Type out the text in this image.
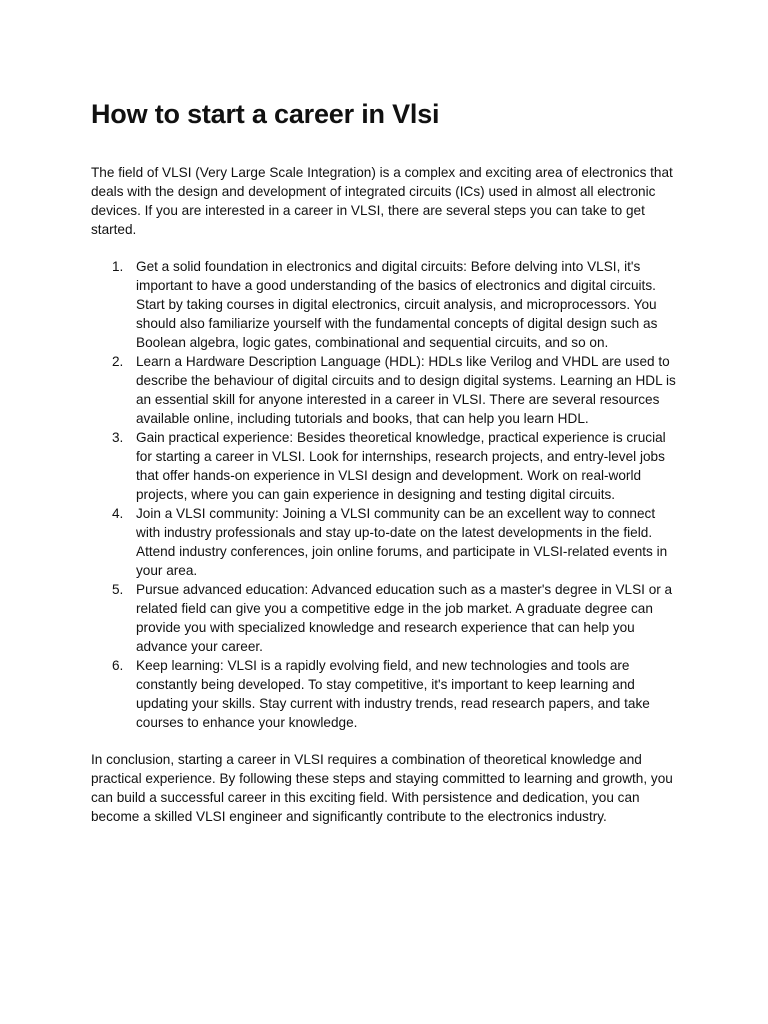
How to start a career in Vlsi

The field of VLSI (Very Large Scale Integration) is a complex and exciting area of electronics that deals with the design and development of integrated circuits (ICs) used in almost all electronic devices. If you are interested in a career in VLSI, there are several steps you can take to get started.

1. Get a solid foundation in electronics and digital circuits: Before delving into VLSI, it's important to have a good understanding of the basics of electronics and digital circuits. Start by taking courses in digital electronics, circuit analysis, and microprocessors. You should also familiarize yourself with the fundamental concepts of digital design such as Boolean algebra, logic gates, combinational and sequential circuits, and so on.
2. Learn a Hardware Description Language (HDL): HDLs like Verilog and VHDL are used to describe the behaviour of digital circuits and to design digital systems. Learning an HDL is an essential skill for anyone interested in a career in VLSI. There are several resources available online, including tutorials and books, that can help you learn HDL.
3. Gain practical experience: Besides theoretical knowledge, practical experience is crucial for starting a career in VLSI. Look for internships, research projects, and entry-level jobs that offer hands-on experience in VLSI design and development. Work on real-world projects, where you can gain experience in designing and testing digital circuits.
4. Join a VLSI community: Joining a VLSI community can be an excellent way to connect with industry professionals and stay up-to-date on the latest developments in the field. Attend industry conferences, join online forums, and participate in VLSI-related events in your area.
5. Pursue advanced education: Advanced education such as a master's degree in VLSI or a related field can give you a competitive edge in the job market. A graduate degree can provide you with specialized knowledge and research experience that can help you advance your career.
6. Keep learning: VLSI is a rapidly evolving field, and new technologies and tools are constantly being developed. To stay competitive, it's important to keep learning and updating your skills. Stay current with industry trends, read research papers, and take courses to enhance your knowledge.

In conclusion, starting a career in VLSI requires a combination of theoretical knowledge and practical experience. By following these steps and staying committed to learning and growth, you can build a successful career in this exciting field. With persistence and dedication, you can become a skilled VLSI engineer and significantly contribute to the electronics industry.
